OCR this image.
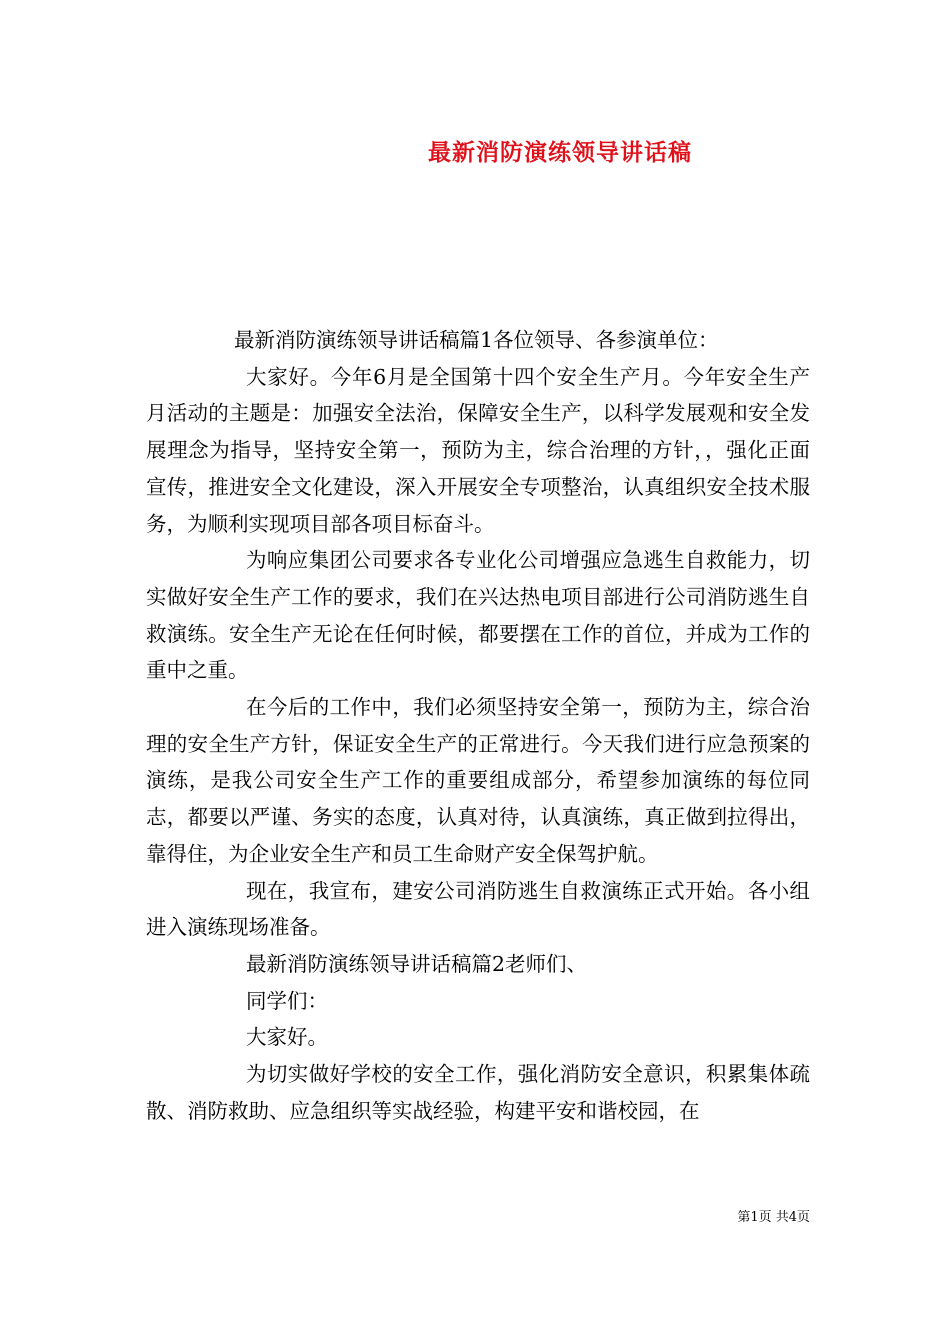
最新消防演练领导讲话稿

最新消防演练领导讲话稿篇1各位领导、各参演单位：

大家好。今年6月是全国第十四个安全生产月。今年安全生产月活动的主题是：加强安全法治，保障安全生产，以科学发展观和安全发展理念为指导，坚持安全第一，预防为主，综合治理的方针，，强化正面宣传，推进安全文化建设，深入开展安全专项整治，认真组织安全技术服务，为顺利实现项目部各项目标奋斗。

为响应集团公司要求各专业化公司增强应急逃生自救能力，切实做好安全生产工作的要求，我们在兴达热电项目部进行公司消防逃生自救演练。安全生产无论在任何时候，都要摆在工作的首位，并成为工作的重中之重。

在今后的工作中，我们必须坚持安全第一，预防为主，综合治理的安全生产方针，保证安全生产的正常进行。今天我们进行应急预案的演练，是我公司安全生产工作的重要组成部分，希望参加演练的每位同志，都要以严谨、务实的态度，认真对待，认真演练，真正做到拉得出，靠得住，为企业安全生产和员工生命财产安全保驾护航。

现在，我宣布，建安公司消防逃生自救演练正式开始。各小组进入演练现场准备。

最新消防演练领导讲话稿篇2老师们、

同学们：

大家好。

为切实做好学校的安全工作，强化消防安全意识，积累集体疏散、消防救助、应急组织等实战经验，构建平安和谐校园，在

第1页 共4页
